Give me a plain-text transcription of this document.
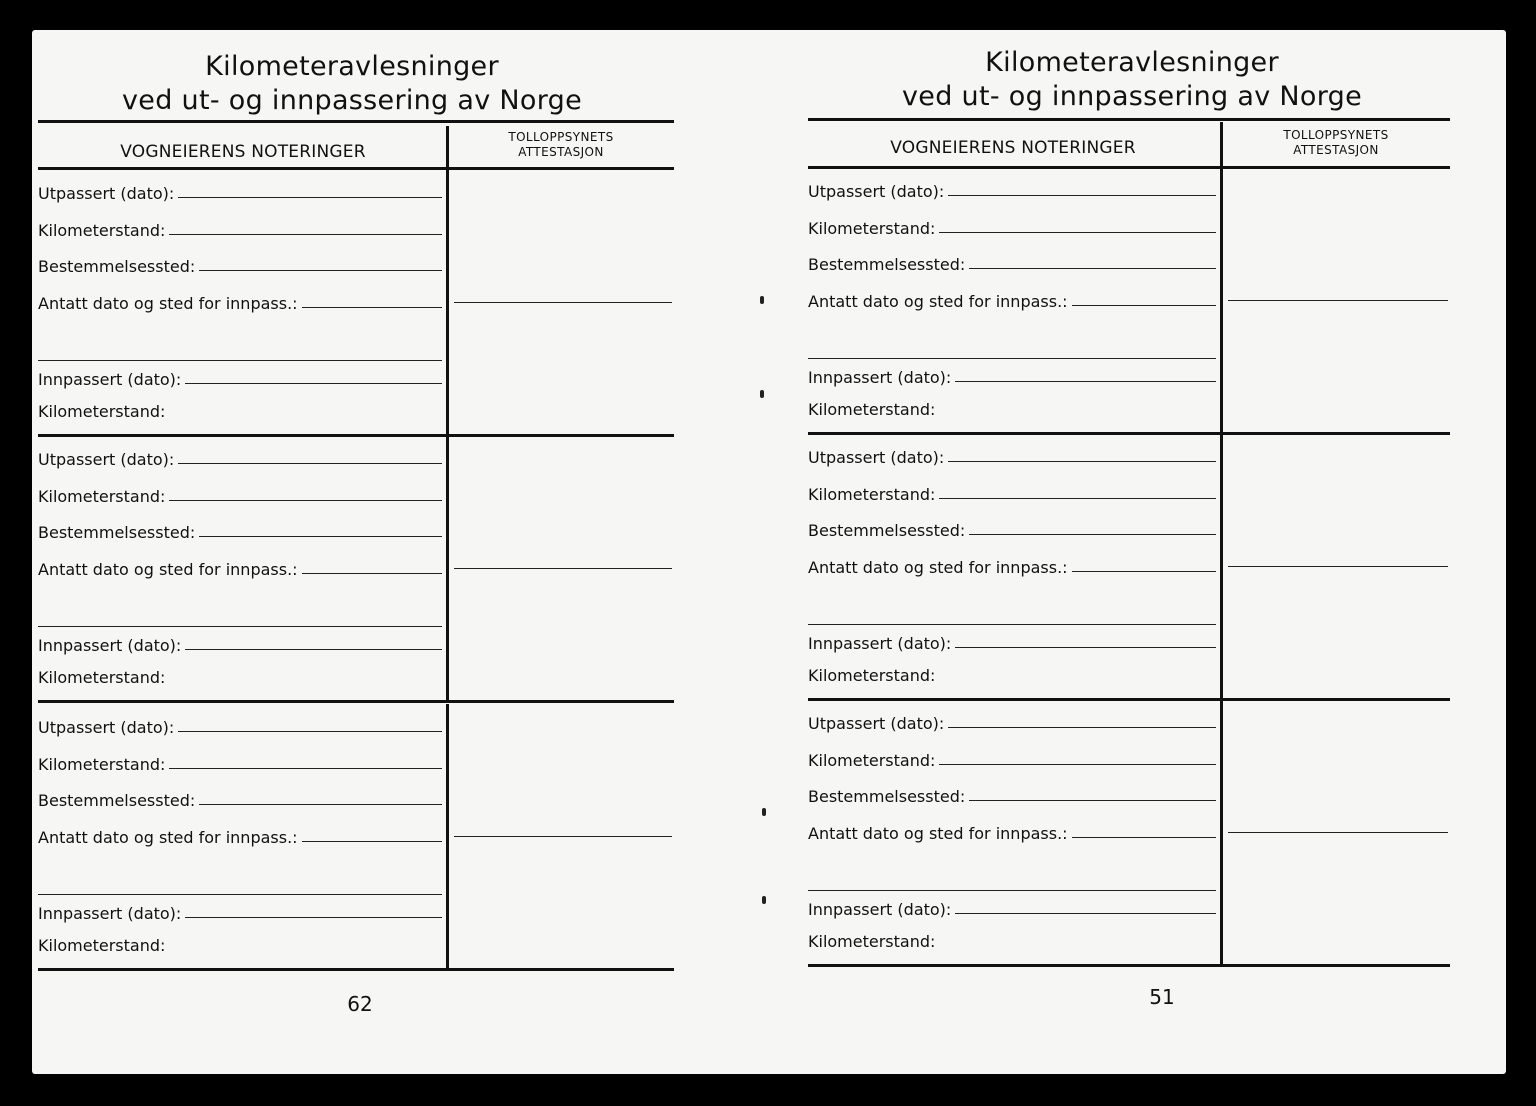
Kilometeravlesninger
ved ut- og innpassering av Norge
VOGNEIERENS NOTERINGER
TOLLOPPSYNETS
ATTESTASJON
Utpassert (dato):
Kilometerstand:
Bestemmelsessted:
Antatt dato og sted for innpass.:
Innpassert (dato):
Kilometerstand:
Utpassert (dato):
Kilometerstand:
Bestemmelsessted:
Antatt dato og sted for innpass.:
Innpassert (dato):
Kilometerstand:
Utpassert (dato):
Kilometerstand:
Bestemmelsessted:
Antatt dato og sted for innpass.:
Innpassert (dato):
Kilometerstand:
62
Kilometeravlesninger
ved ut- og innpassering av Norge
VOGNEIERENS NOTERINGER
TOLLOPPSYNETS
ATTESTASJON
Utpassert (dato):
Kilometerstand:
Bestemmelsessted:
Antatt dato og sted for innpass.:
Innpassert (dato):
Kilometerstand:
Utpassert (dato):
Kilometerstand:
Bestemmelsessted:
Antatt dato og sted for innpass.:
Innpassert (dato):
Kilometerstand:
Utpassert (dato):
Kilometerstand:
Bestemmelsessted:
Antatt dato og sted for innpass.:
Innpassert (dato):
Kilometerstand:
51
